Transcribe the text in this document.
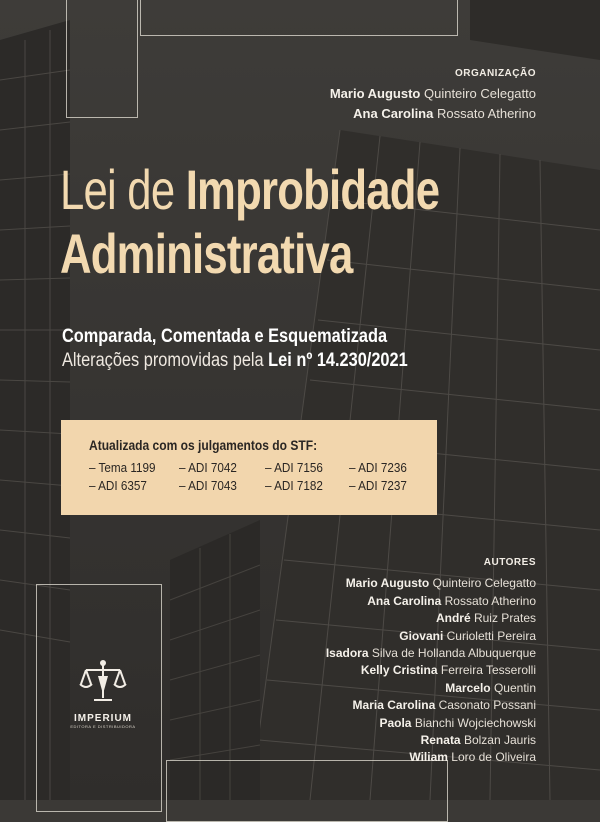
ORGANIZAÇÃO
Mario Augusto Quinteiro Celegatto
Ana Carolina Rossato Atherino
Lei de Improbidade
Administrativa
Comparada, Comentada e Esquematizada
Alterações promovidas pela Lei nº 14.230/2021
Atualizada com os julgamentos do STF:
– Tema 1199	– ADI 7042	– ADI 7156	– ADI 7236
– ADI 6357	– ADI 7043	– ADI 7182	– ADI 7237
AUTORES
Mario Augusto Quinteiro Celegatto
Ana Carolina Rossato Atherino
André Ruiz Prates
Giovani Curioletti Pereira
Isadora Silva de Hollanda Albuquerque
Kelly Cristina Ferreira Tesserolli
Marcelo Quentin
Maria Carolina Casonato Possani
Paola Bianchi Wojciechowski
Renata Bolzan Jauris
Wiliam Loro de Oliveira
IMPERIUM
EDITORA E DISTRIBUIDORA
